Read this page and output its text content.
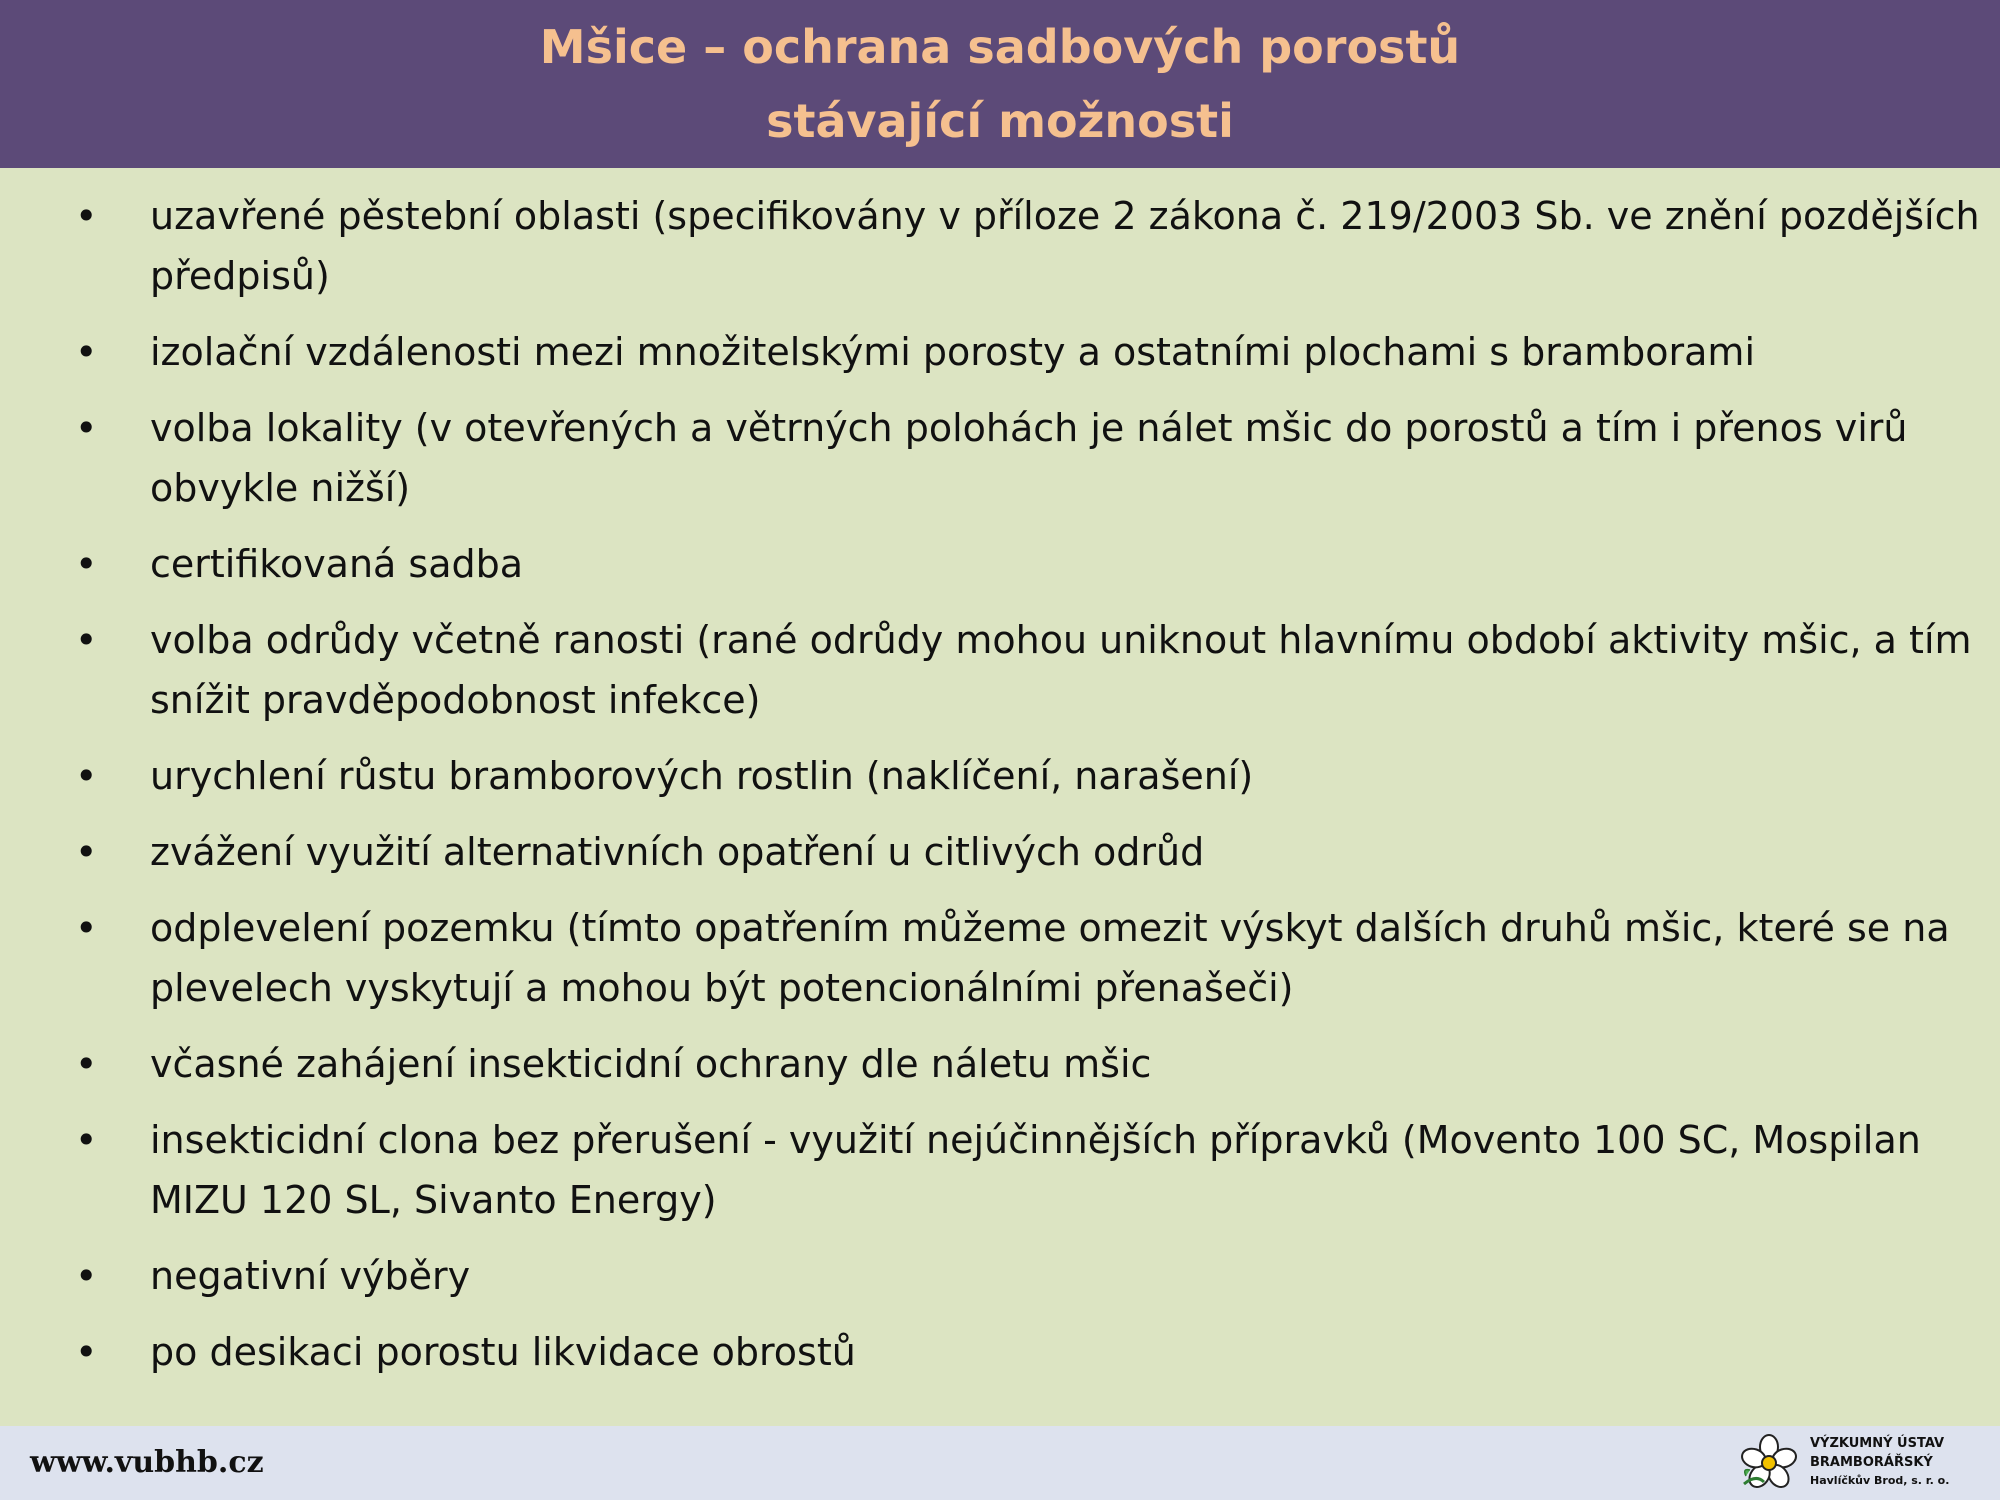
Mšice – ochrana sadbových porostů
stávající možnosti
• uzavřené pěstební oblasti (specifikovány v příloze 2 zákona č. 219/2003 Sb. ve znění pozdějších předpisů)
• izolační vzdálenosti mezi množitelskými porosty a ostatními plochami s bramborami
• volba lokality (v otevřených a větrných polohách je nálet mšic do porostů a tím i přenos virů obvykle nižší)
• certifikovaná sadba
• volba odrůdy včetně ranosti (rané odrůdy mohou uniknout hlavnímu období aktivity mšic, a tím snížit pravděpodobnost infekce)
• urychlení růstu bramborových rostlin (naklíčení, narašení)
• zvážení využití alternativních opatření u citlivých odrůd
• odplevelení pozemku (tímto opatřením můžeme omezit výskyt dalších druhů mšic, které se na plevelech vyskytují a mohou být potencionálními přenašeči)
• včasné zahájení insekticidní ochrany dle náletu mšic
• insekticidní clona bez přerušení - využití nejúčinnějších přípravků (Movento 100 SC, Mospilan MIZU 120 SL, Sivanto Energy)
• negativní výběry
• po desikaci porostu likvidace obrostů
www.vubhb.cz
VÝZKUMNÝ ÚSTAV
BRAMBORÁŘSKÝ
Havlíčkův Brod, s. r. o.
